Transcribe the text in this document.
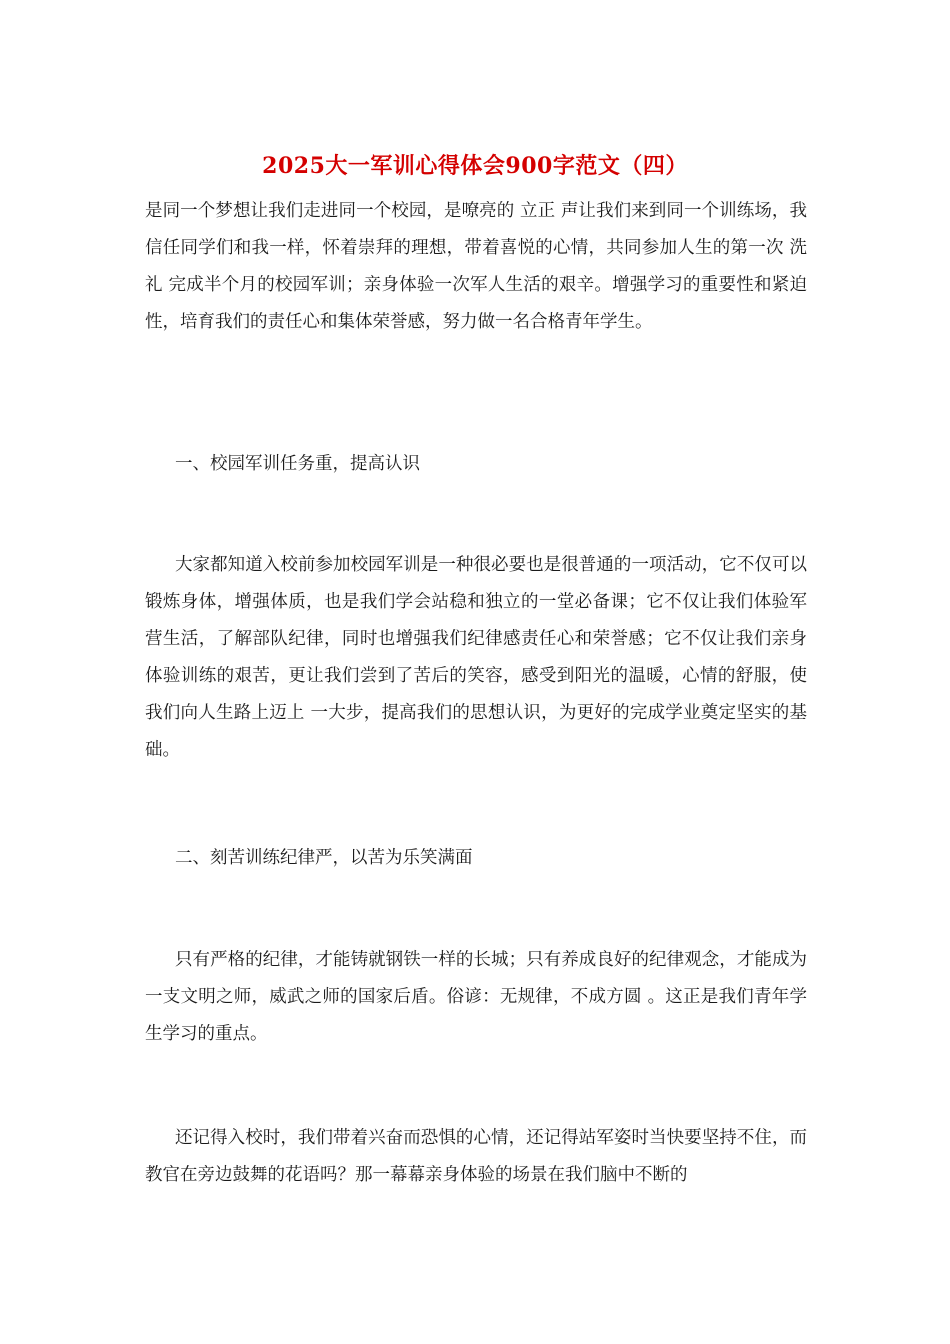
2025大一军训心得体会900字范文（四）

是同一个梦想让我们走进同一个校园，是嘹亮的 立正 声让我们来到同一个训练场，我信任同学们和我一样，怀着崇拜的理想，带着喜悦的心情，共同参加人生的第一次 洗礼 完成半个月的校园军训；亲身体验一次军人生活的艰辛。增强学习的重要性和紧迫性，培育我们的责任心和集体荣誉感，努力做一名合格青年学生。

一、校园军训任务重，提高认识

大家都知道入校前参加校园军训是一种很必要也是很普通的一项活动，它不仅可以锻炼身体，增强体质，也是我们学会站稳和独立的一堂必备课；它不仅让我们体验军营生活，了解部队纪律，同时也增强我们纪律感责任心和荣誉感；它不仅让我们亲身体验训练的艰苦，更让我们尝到了苦后的笑容，感受到阳光的温暖，心情的舒服，使我们向人生路上迈上 一大步，提高我们的思想认识，为更好的完成学业奠定坚实的基础。

二、刻苦训练纪律严，以苦为乐笑满面

只有严格的纪律，才能铸就钢铁一样的长城；只有养成良好的纪律观念，才能成为一支文明之师，威武之师的国家后盾。俗谚：无规律，不成方圆 。这正是我们青年学生学习的重点。

还记得入校时，我们带着兴奋而恐惧的心情，还记得站军姿时当快要坚持不住，而教官在旁边鼓舞的花语吗？那一幕幕亲身体验的场景在我们脑中不断的
